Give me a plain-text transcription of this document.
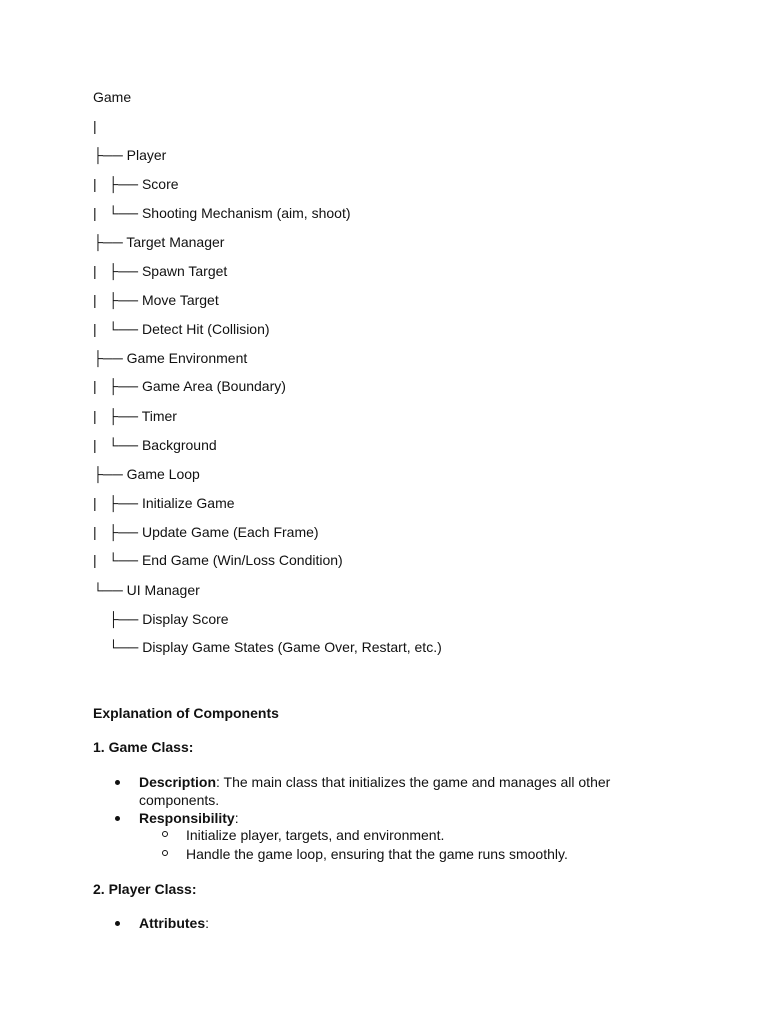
Game
|
├── Player
|   ├── Score
|   └── Shooting Mechanism (aim, shoot)
├── Target Manager
|   ├── Spawn Target
|   ├── Move Target
|   └── Detect Hit (Collision)
├── Game Environment
|   ├── Game Area (Boundary)
|   ├── Timer
|   └── Background
├── Game Loop
|   ├── Initialize Game
|   ├── Update Game (Each Frame)
|   └── End Game (Win/Loss Condition)
└── UI Manager
├── Display Score
└── Display Game States (Game Over, Restart, etc.)
Explanation of Components
1. Game Class:
Description: The main class that initializes the game and manages all other components.
Responsibility:
Initialize player, targets, and environment.
Handle the game loop, ensuring that the game runs smoothly.
2. Player Class:
Attributes:
